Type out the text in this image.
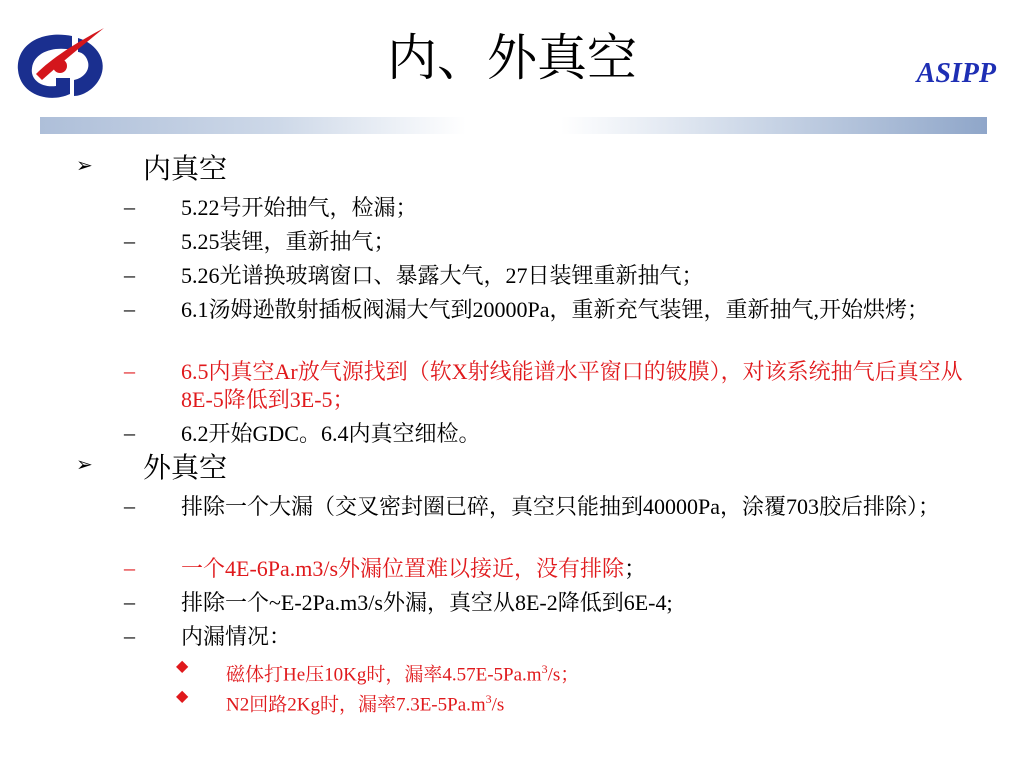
内、外真空	ASIPP
➢ 内真空
– 5.22号开始抽气，检漏；
– 5.25装锂，重新抽气；
– 5.26光谱换玻璃窗口、暴露大气，27日装锂重新抽气；
– 6.1汤姆逊散射插板阀漏大气到20000Pa，重新充气装锂，重新抽气,开始烘烤；
– 6.5内真空Ar放气源找到（软X射线能谱水平窗口的铍膜），对该系统抽气后真空从8E-5降低到3E-5；
– 6.2开始GDC。6.4内真空细检。
➢ 外真空
– 排除一个大漏（交叉密封圈已碎，真空只能抽到40000Pa，涂覆703胶后排除）；
– 一个4E-6Pa.m3/s外漏位置难以接近，没有排除；
– 排除一个~E-2Pa.m3/s外漏，真空从8E-2降低到6E-4;
– 内漏情况：
◆ 磁体打He压10Kg时，漏率$4.57E-5Pa.m^3/s$；
◆ N2回路2Kg时，漏率$7.3E-5Pa.m^3/s$
